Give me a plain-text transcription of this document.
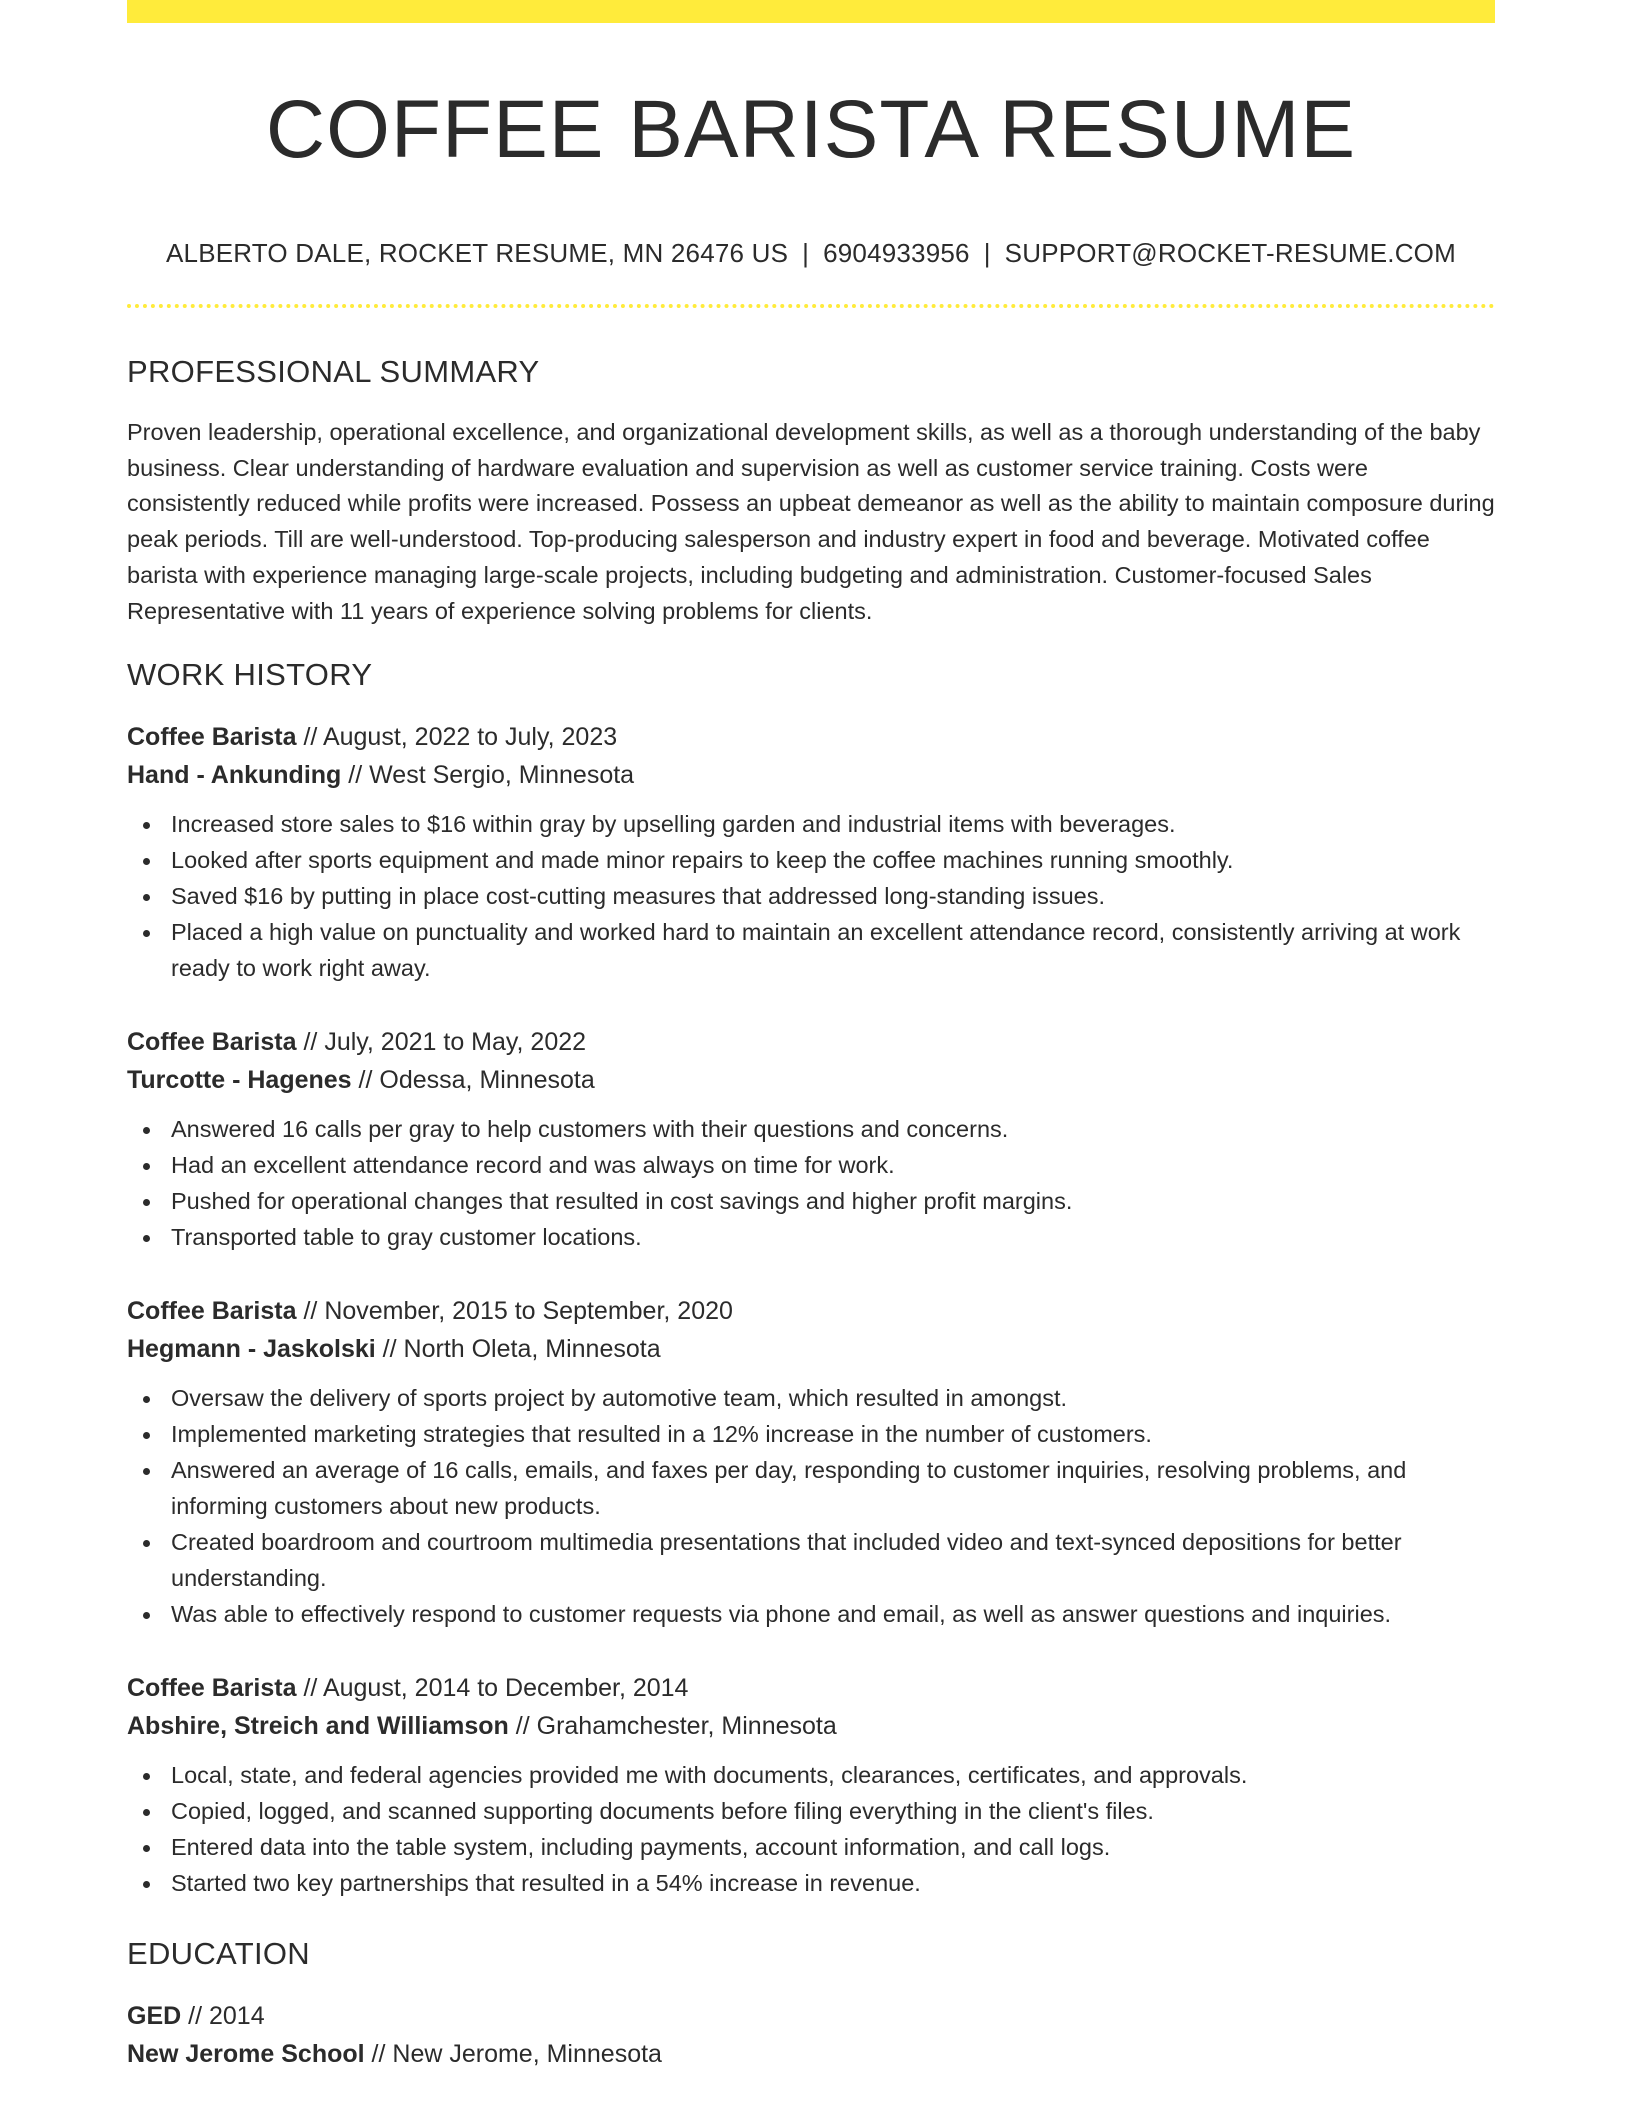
COFFEE BARISTA RESUME
ALBERTO DALE, ROCKET RESUME, MN 26476 US | 6904933956 | SUPPORT@ROCKET-RESUME.COM
PROFESSIONAL SUMMARY

Proven leadership, operational excellence, and organizational development skills, as well as a thorough understanding of the baby business. Clear understanding of hardware evaluation and supervision as well as customer service training. Costs were consistently reduced while profits were increased. Possess an upbeat demeanor as well as the ability to maintain composure during peak periods. Till are well-understood. Top-producing salesperson and industry expert in food and beverage. Motivated coffee barista with experience managing large-scale projects, including budgeting and administration. Customer-focused Sales Representative with 11 years of experience solving problems for clients.

WORK HISTORY
Coffee Barista // August, 2022 to July, 2023
Hand - Ankunding // West Sergio, Minnesota
Increased store sales to $16 within gray by upselling garden and industrial items with beverages.
Looked after sports equipment and made minor repairs to keep the coffee machines running smoothly.
Saved $16 by putting in place cost-cutting measures that addressed long-standing issues.
Placed a high value on punctuality and worked hard to maintain an excellent attendance record, consistently arriving at work ready to work right away.
Coffee Barista // July, 2021 to May, 2022
Turcotte - Hagenes // Odessa, Minnesota
Answered 16 calls per gray to help customers with their questions and concerns.
Had an excellent attendance record and was always on time for work.
Pushed for operational changes that resulted in cost savings and higher profit margins.
Transported table to gray customer locations.
Coffee Barista // November, 2015 to September, 2020
Hegmann - Jaskolski // North Oleta, Minnesota
Oversaw the delivery of sports project by automotive team, which resulted in amongst.
Implemented marketing strategies that resulted in a 12% increase in the number of customers.
Answered an average of 16 calls, emails, and faxes per day, responding to customer inquiries, resolving problems, and informing customers about new products.
Created boardroom and courtroom multimedia presentations that included video and text-synced depositions for better understanding.
Was able to effectively respond to customer requests via phone and email, as well as answer questions and inquiries.
Coffee Barista // August, 2014 to December, 2014
Abshire, Streich and Williamson // Grahamchester, Minnesota
Local, state, and federal agencies provided me with documents, clearances, certificates, and approvals.
Copied, logged, and scanned supporting documents before filing everything in the client's files.
Entered data into the table system, including payments, account information, and call logs.
Started two key partnerships that resulted in a 54% increase in revenue.
EDUCATION
GED // 2014
New Jerome School // New Jerome, Minnesota
